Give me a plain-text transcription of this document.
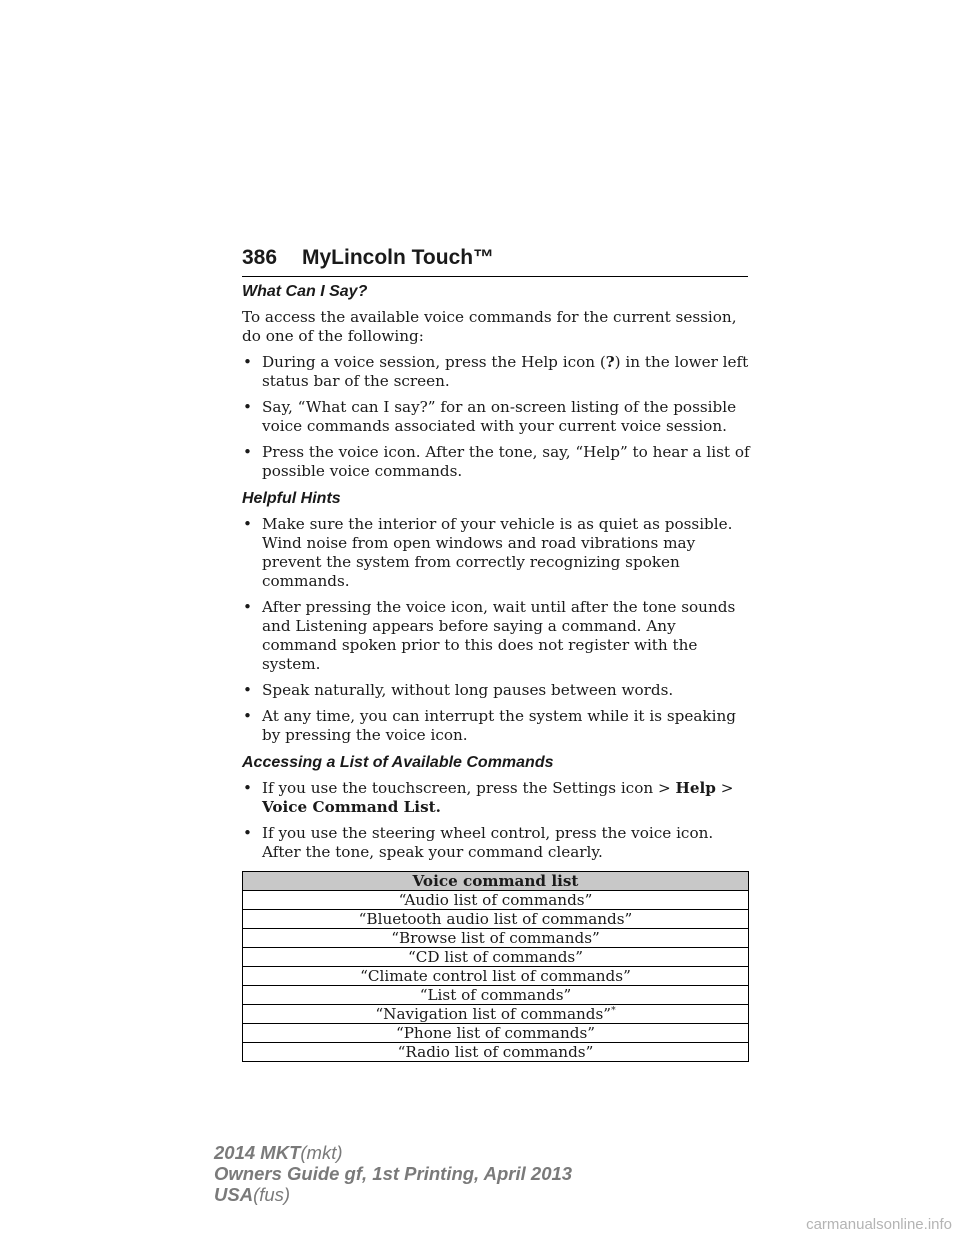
386 MyLincoln Touch™
What Can I Say?

To access the available voice commands for the current session, do one of the following:

• During a voice session, press the Help icon (?) in the lower left status bar of the screen.
• Say, “What can I say?” for an on-screen listing of the possible voice commands associated with your current voice session.
• Press the voice icon. After the tone, say, “Help” to hear a list of possible voice commands.
Helpful Hints
• Make sure the interior of your vehicle is as quiet as possible. Wind noise from open windows and road vibrations may prevent the system from correctly recognizing spoken commands.
• After pressing the voice icon, wait until after the tone sounds and Listening appears before saying a command. Any command spoken prior to this does not register with the system.
• Speak naturally, without long pauses between words.
• At any time, you can interrupt the system while it is speaking by pressing the voice icon.
Accessing a List of Available Commands
• If you use the touchscreen, press the Settings icon > Help > Voice Command List.
• If you use the steering wheel control, press the voice icon. After the tone, speak your command clearly.
Voice command list
“Audio list of commands”
“Bluetooth audio list of commands”
“Browse list of commands”
“CD list of commands”
“Climate control list of commands”
“List of commands”
“Navigation list of commands”*
“Phone list of commands”
“Radio list of commands”
2014 MKT(mkt)
Owners Guide gf, 1st Printing, April 2013
USA(fus)
carmanualsonline.info
